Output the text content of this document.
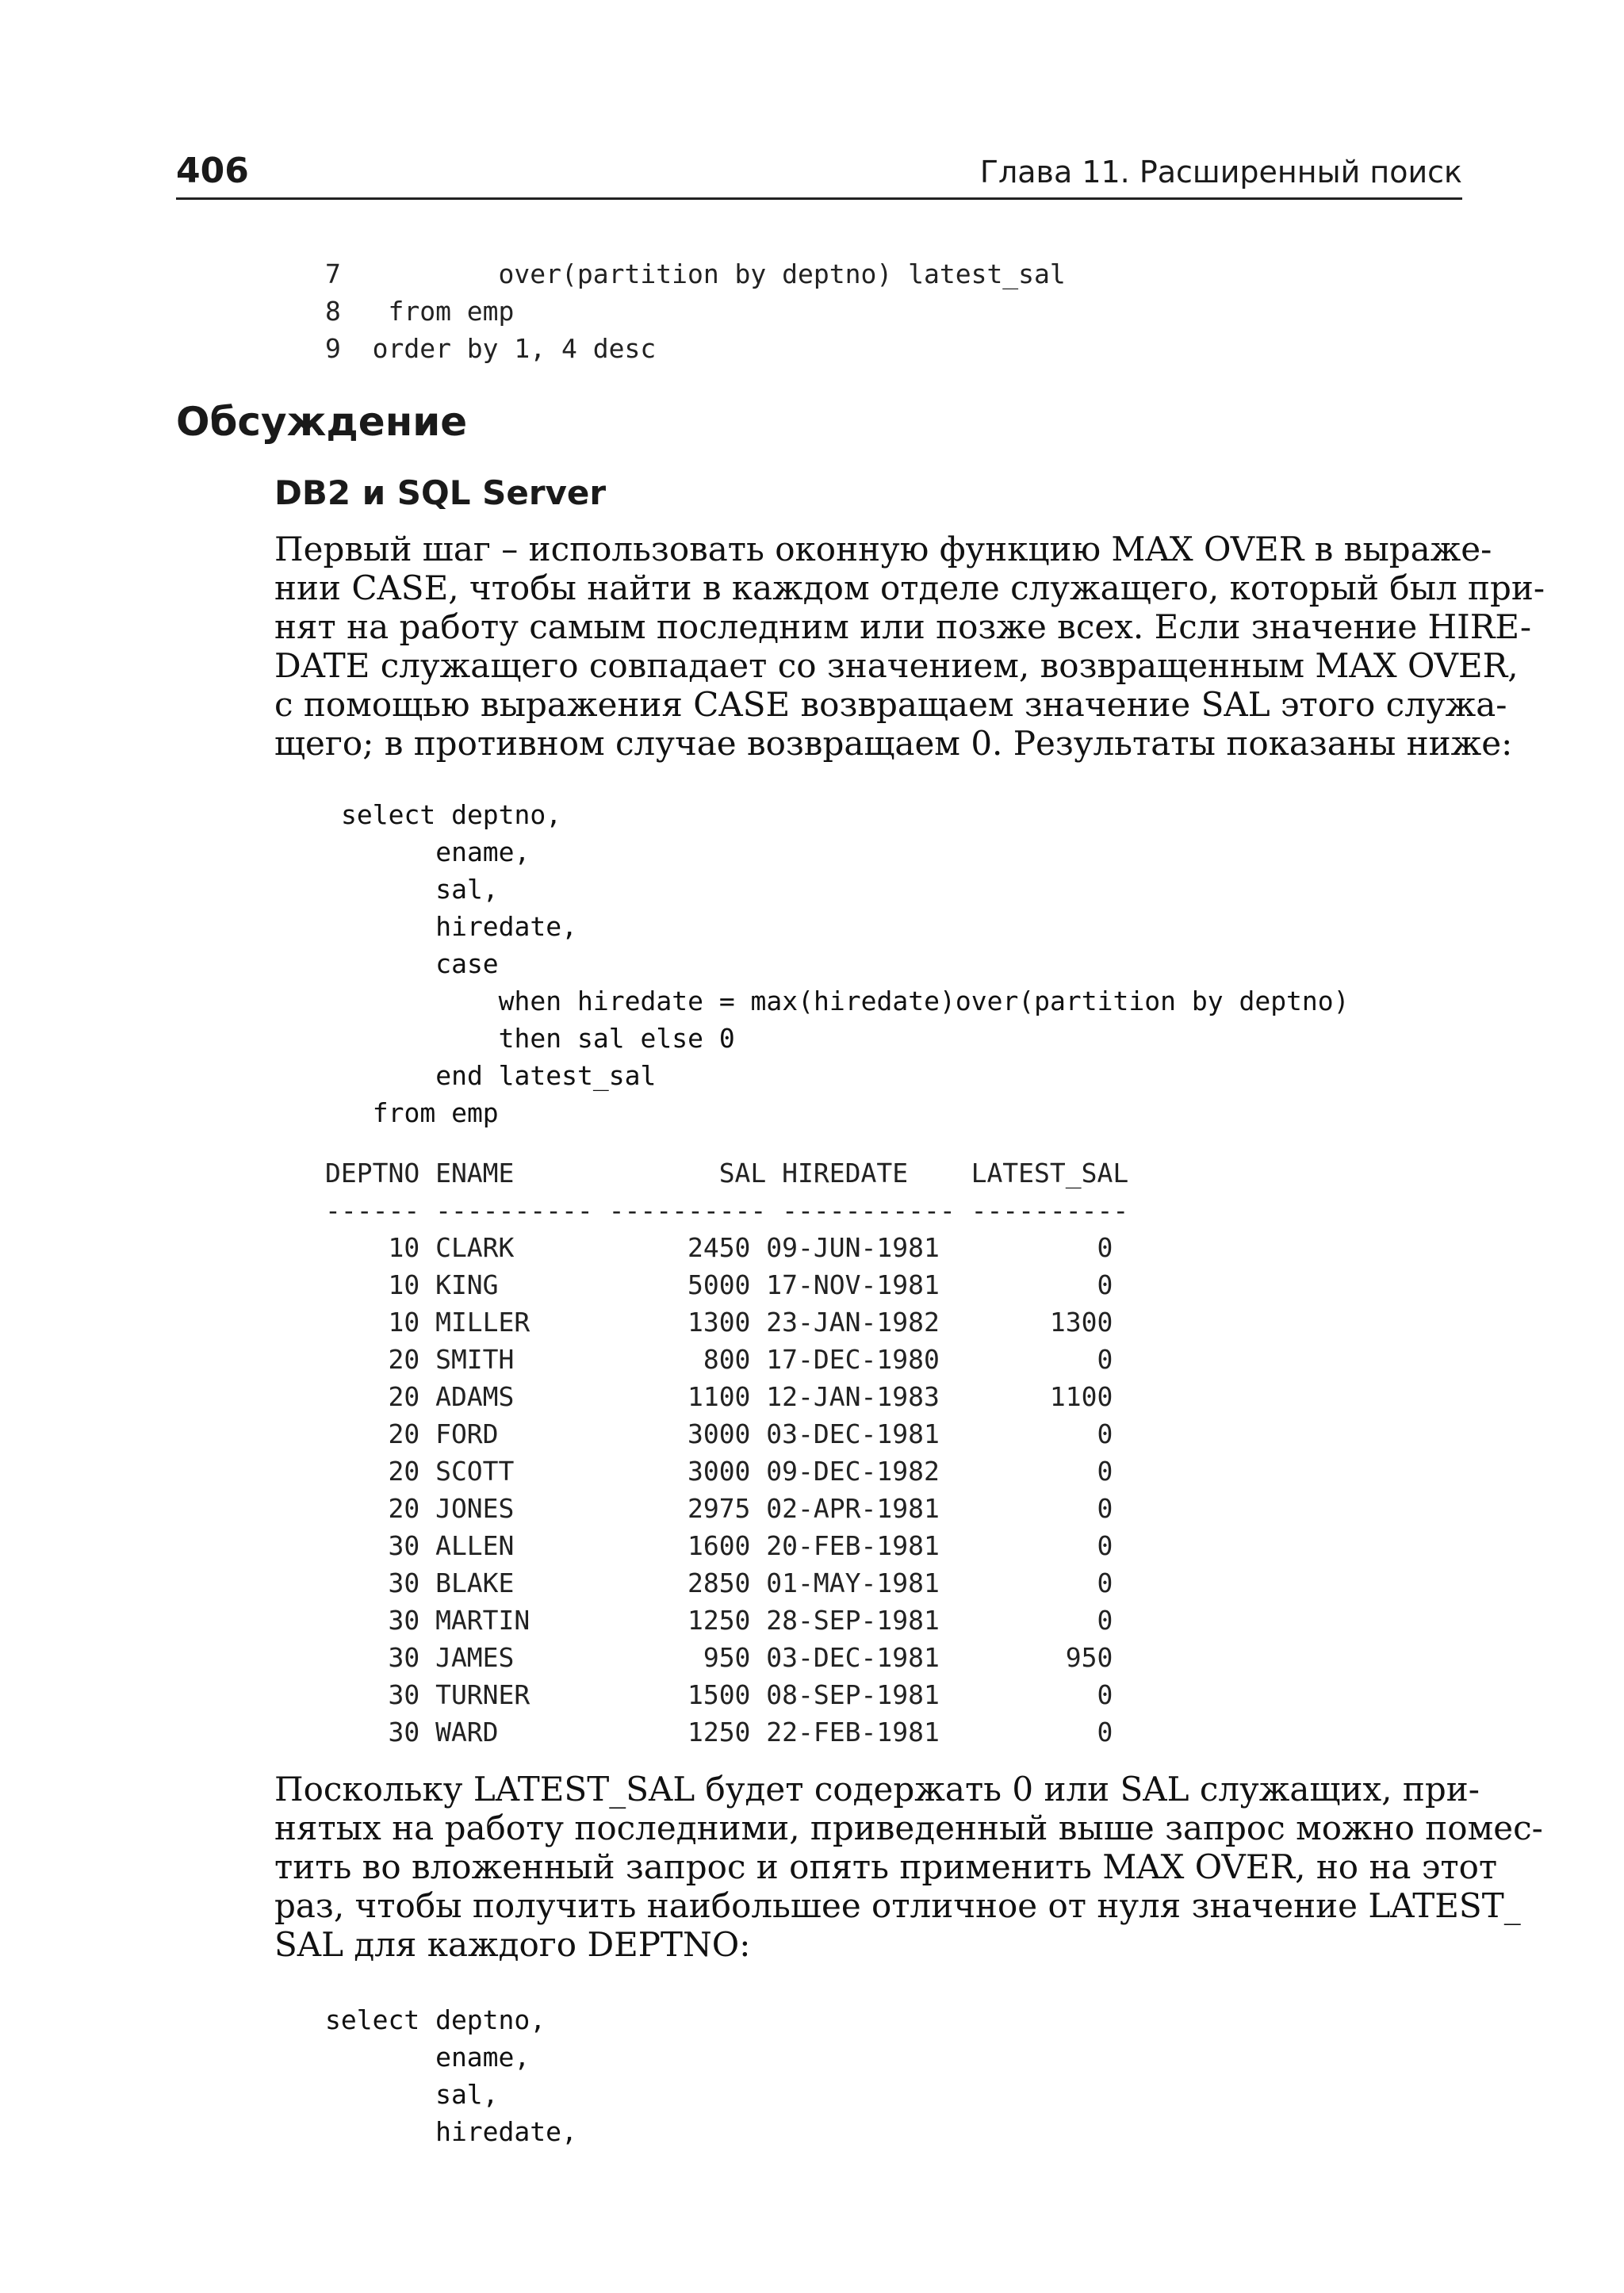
406	Глава 11. Расширенный поиск
7          over(partition by deptno) latest_sal
8   from emp
9  order by 1, 4 desc
Обсуждение
DB2 и SQL Server
Первый шаг – использовать оконную функцию MAX OVER в выраже-
нии CASE, чтобы найти в каждом отделе служащего, который был при-
нят на работу самым последним или позже всех. Если значение HIRE-
DATE служащего совпадает со значением, возвращенным MAX OVER,
с помощью выражения CASE возвращаем значение SAL этого служа-
щего; в противном случае возвращаем 0. Результаты показаны ниже:
select deptno,
ename,
sal,
hiredate,
case
when hiredate = max(hiredate)over(partition by deptno)
then sal else 0
end latest_sal
from emp
DEPTNO ENAME             SAL HIREDATE    LATEST_SAL
------ ---------- ---------- ----------- ----------
10 CLARK           2450 09-JUN-1981          0
10 KING            5000 17-NOV-1981          0
10 MILLER          1300 23-JAN-1982       1300
20 SMITH            800 17-DEC-1980          0
20 ADAMS           1100 12-JAN-1983       1100
20 FORD            3000 03-DEC-1981          0
20 SCOTT           3000 09-DEC-1982          0
20 JONES           2975 02-APR-1981          0
30 ALLEN           1600 20-FEB-1981          0
30 BLAKE           2850 01-MAY-1981          0
30 MARTIN          1250 28-SEP-1981          0
30 JAMES            950 03-DEC-1981        950
30 TURNER          1500 08-SEP-1981          0
30 WARD            1250 22-FEB-1981          0
Поскольку LATEST_SAL будет содержать 0 или SAL служащих, при-
нятых на работу последними, приведенный выше запрос можно помес-
тить во вложенный запрос и опять применить MAX OVER, но на этот
раз, чтобы получить наибольшее отличное от нуля значение LATEST_
SAL для каждого DEPTNO:
select deptno,
ename,
sal,
hiredate,
